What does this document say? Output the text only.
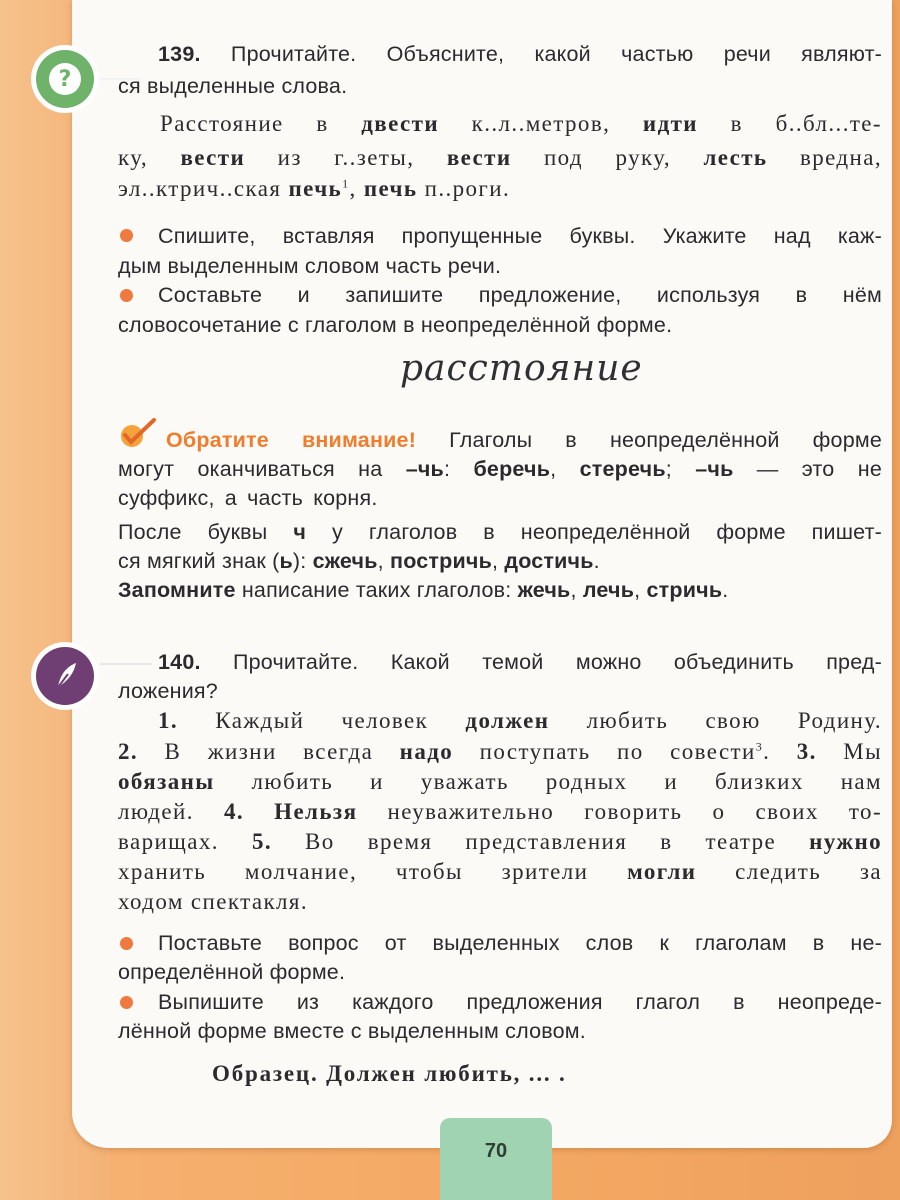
?
139. Прочитайте. Объясните, какой частью речи являют-
ся выделенные слова.
Расстояние в двести к..л..метров, идти в б..бл...те-
ку, вести из г..зеты, вести под руку, лесть вредна,
эл..ктрич..ская печь$^1$, печь п..роги.
Спишите, вставляя пропущенные буквы. Укажите над каж-
дым выделенным словом часть речи.
Составьте и запишите предложение, используя в нём
словосочетание с глаголом в неопределённой форме.
расстояние
Обратите внимание! Глаголы в неопределённой форме
могут оканчиваться на –чь: беречь, стеречь; –чь — это не
суффикс, а часть корня.
После буквы ч у глаголов в неопределённой форме пишет-
ся мягкий знак (ь): сжечь, постричь, достичь.
Запомните написание таких глаголов: жечь, лечь, стричь.
140. Прочитайте. Какой темой можно объединить пред-
ложения?
1. Каждый человек должен любить свою Родину.
2. В жизни всегда надо поступать по совести$^3$. 3. Мы
обязаны любить и уважать родных и близких нам
людей. 4. Нельзя неуважительно говорить о своих то-
варищах. 5. Во время представления в театре нужно
хранить молчание, чтобы зрители могли следить за
ходом спектакля.
Поставьте вопрос от выделенных слов к глаголам в не-
определённой форме.
Выпишите из каждого предложения глагол в неопреде-
лённой форме вместе с выделенным словом.
Образец. Должен любить, ... .
70
